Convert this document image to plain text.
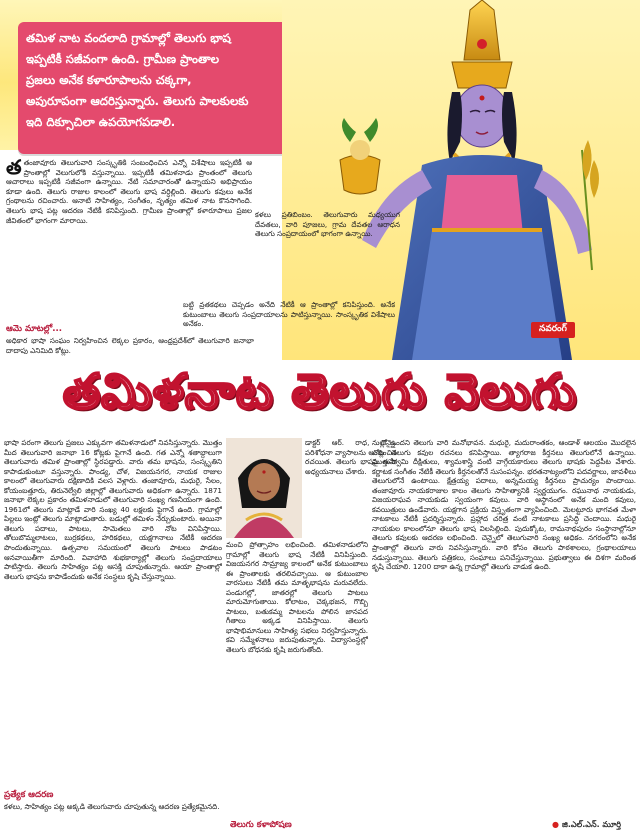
తమిళ నాట వందలాది గ్రామాల్లో తెలుగు భాష
ఇప్పటికీ సజీవంగా ఉంది. గ్రామీణ ప్రాంతాల
ప్రజలు అనేక కళారూపాలను చక్కగా,
అపురూపంగా ఆదరిస్తున్నారు. తెలుగు పాలకులకు
ఇది దిక్సూచిలా ఉపయోగపడాలి.
తతంజావూరు తెలుగువారి సంస్కృతికి సంబంధించిన ఎన్నో విశేషాలు ఇప్పటికీ ఆ ప్రాంతాల్లో వెలుగులోకి వస్తున్నాయి. ఇప్పటికీ తమిళనాడు ప్రాంతంలో తెలుగు ఆచారాలు ఇప్పటికీ సజీవంగా ఉన్నాయి. నేటి సమాచారంతో ఉన్నాయని అభిప్రాయం కూడా ఉంది. తెలుగు రాజుల కాలంలో తెలుగు భాష వర్ధిల్లింది. తెలుగు కవులు అనేక గ్రంథాలను రచించారు. ఆనాటి సాహిత్యం, సంగీతం, నృత్యం తమిళ నాట కొనసాగింది. తెలుగు భాష పట్ల ఆదరణ నేటికీ కనిపిస్తుంది. గ్రామీణ ప్రాంతాల్లో కళారూపాలు ప్రజల జీవితంలో భాగంగా మారాయి.
కళలు ప్రతిబింబం. తెలుగువారు మధ్యయుగ దేవతలు, వారి పూజలు, గ్రామ దేవతల ఆరాధన తెలుగు సంప్రదాయంలో భాగంగా ఉన్నాయి.
ఆమె మాటల్లో...
అధికార భాషా సంఘం నిర్వహించిన లెక్కల ప్రకారం, ఆంధ్రప్రదేశ్‌లో తెలుగువారి జనాభా దాదాపు ఎనిమిది కోట్లు.
బట్టి వ్రతకథలు చెప్పడం అనేది నేటికీ ఆ ప్రాంతాల్లో కనిపిస్తుంది. అనేక కుటుంబాలు తెలుగు సంప్రదాయాలను పాటిస్తున్నాయి. సాంస్కృతిక విశేషాలు అనేకం.
నవరంగ్
తమిళనాట తెలుగు వెలుగు
భాషా పరంగా తెలుగు ప్రజలు ఎక్కువగా తమిళనాడులో నివసిస్తున్నారు. మొత్తం మీద తెలుగువారి జనాభా 16 కోట్లకు పైగానే ఉంది. గత ఎన్నో శతాబ్దాలుగా తెలుగువారు తమిళ ప్రాంతాల్లో స్థిరపడ్డారు. వారు తమ భాషను, సంస్కృతిని కాపాడుకుంటూ వస్తున్నారు. పాండ్య, చోళ, విజయనగర, నాయక రాజుల కాలంలో తెలుగువారు దక్షిణాదికి వలస వెళ్లారు. తంజావూరు, మధురై, సేలం, కోయంబత్తూరు, తిరునెల్వేలి జిల్లాల్లో తెలుగువారు అధికంగా ఉన్నారు. 1871 జనాభా లెక్కల ప్రకారం తమిళనాడులో తెలుగువారి సంఖ్య గణనీయంగా ఉంది. 1961లో తెలుగు మాట్లాడే వారి సంఖ్య 40 లక్షలకు పైగానే ఉంది. గ్రామాల్లో పిల్లలు ఇంట్లో తెలుగు మాట్లాడుతారు. బడుల్లో తమిళం నేర్చుకుంటారు. అయినా తెలుగు పదాలు, పాటలు, సామెతలు వారి నోట వినిపిస్తాయి. తోలుబొమ్మలాటలు, బుర్రకథలు, హరికథలు, యక్షగానాలు నేటికీ ఆదరణ పొందుతున్నాయి. ఉత్సవాల సమయంలో తెలుగు పాటలు పాడటం ఆనవాయితీగా మారింది. వివాహాది శుభకార్యాల్లో తెలుగు సంప్రదాయాలు పాటిస్తారు. తెలుగు సాహిత్యం పట్ల ఆసక్తి చూపుతున్నారు. ఆయా ప్రాంతాల్లో తెలుగు భాషను కాపాడేందుకు అనేక సంస్థలు కృషి చేస్తున్నాయి.
ప్రత్యేక ఆదరణ
కళలు, సాహిత్యం పట్ల అక్కడి తెలుగువారు చూపుతున్న ఆదరణ ప్రత్యేకమైనది.
డాక్టర్ ఆర్. రాధ, చెన్నై. పరిశోధనా వ్యాసాలను అందించిన రచయిత. తెలుగు భాషపై అనేక అధ్యయనాలు చేశారు.
మంచి ప్రోత్సాహం లభించింది. తమిళనాడులోని గ్రామాల్లో తెలుగు భాష నేటికీ వినిపిస్తుంది. విజయనగర సామ్రాజ్య కాలంలో అనేక కుటుంబాలు ఈ ప్రాంతాలకు తరలివచ్చాయి. ఆ కుటుంబాల వారసులు నేటికీ తమ మాతృభాషను మరువలేదు. పండుగల్లో, జాతరల్లో తెలుగు పాటలు మారుమోగుతాయి. కోలాటం, చెక్కభజన, గొబ్బి పాటలు, బతుకమ్మ పాటలను పోలిన జానపద గీతాలు అక్కడ వినిపిస్తాయి. తెలుగు భాషాభిమానులు సాహిత్య సభలు నిర్వహిస్తున్నారు. కవి సమ్మేళనాలు జరుపుతున్నారు. విద్యాసంస్థల్లో తెలుగు బోధనకు కృషి జరుగుతోంది.
నుల్లో ఉందని తెలుగు వారి మనోభావన. మధురై, మదురాంతకం, ఆండాళ్ ఆలయం మొదలైన చోట్ల తెలుగు కవుల రచనలు కనిపిస్తాయి. త్యాగరాజ కీర్తనలు తెలుగులోనే ఉన్నాయి. ముత్తుస్వామి దీక్షితులు, శ్యామశాస్త్రి వంటి వాగ్గేయకారులు తెలుగు భాషకు పెద్దపీట వేశారు. కర్ణాటక సంగీతం నేటికీ తెలుగు కీర్తనలతోనే సుసంపన్నం. భరతనాట్యంలోని పదవర్ణాలు, జావళీలు తెలుగులోనే ఉంటాయి. క్షేత్రయ్య పదాలు, అన్నమయ్య కీర్తనలు ప్రాచుర్యం పొందాయి. తంజావూరు నాయకరాజుల కాలం తెలుగు సాహిత్యానికి స్వర్ణయుగం. రఘునాథ నాయకుడు, విజయరాఘవ నాయకుడు స్వయంగా కవులు. వారి ఆస్థానంలో అనేక మంది కవులు, కవయిత్రులు ఉండేవారు. యక్షగాన ప్రక్రియ విస్తృతంగా వ్యాపించింది. మెలట్టూరు భాగవత మేళా నాటకాలు నేటికీ ప్రదర్శిస్తున్నారు. ప్రహ్లాద చరిత్ర వంటి నాటకాలు ప్రసిద్ధి చెందాయి. మధురై నాయకుల కాలంలోనూ తెలుగు భాష విలసిల్లింది. పుదుక్కోట, రామనాథపురం సంస్థానాల్లోనూ తెలుగు కవులకు ఆదరణ లభించింది. చెన్నైలో తెలుగువారి సంఖ్య అధికం. నగరంలోని అనేక ప్రాంతాల్లో తెలుగు వారు నివసిస్తున్నారు. వారి కోసం తెలుగు పాఠశాలలు, గ్రంథాలయాలు నడుస్తున్నాయి. తెలుగు పత్రికలు, సంఘాలు పనిచేస్తున్నాయి. ప్రభుత్వాలు ఈ దిశగా మరింత కృషి చేయాలి. 1200 దాకా ఉన్న గ్రామాల్లో తెలుగు వాడుక ఉంది.
తెలుగు కళాపోషణ
●	జి.ఎల్.ఎన్. మూర్తి
